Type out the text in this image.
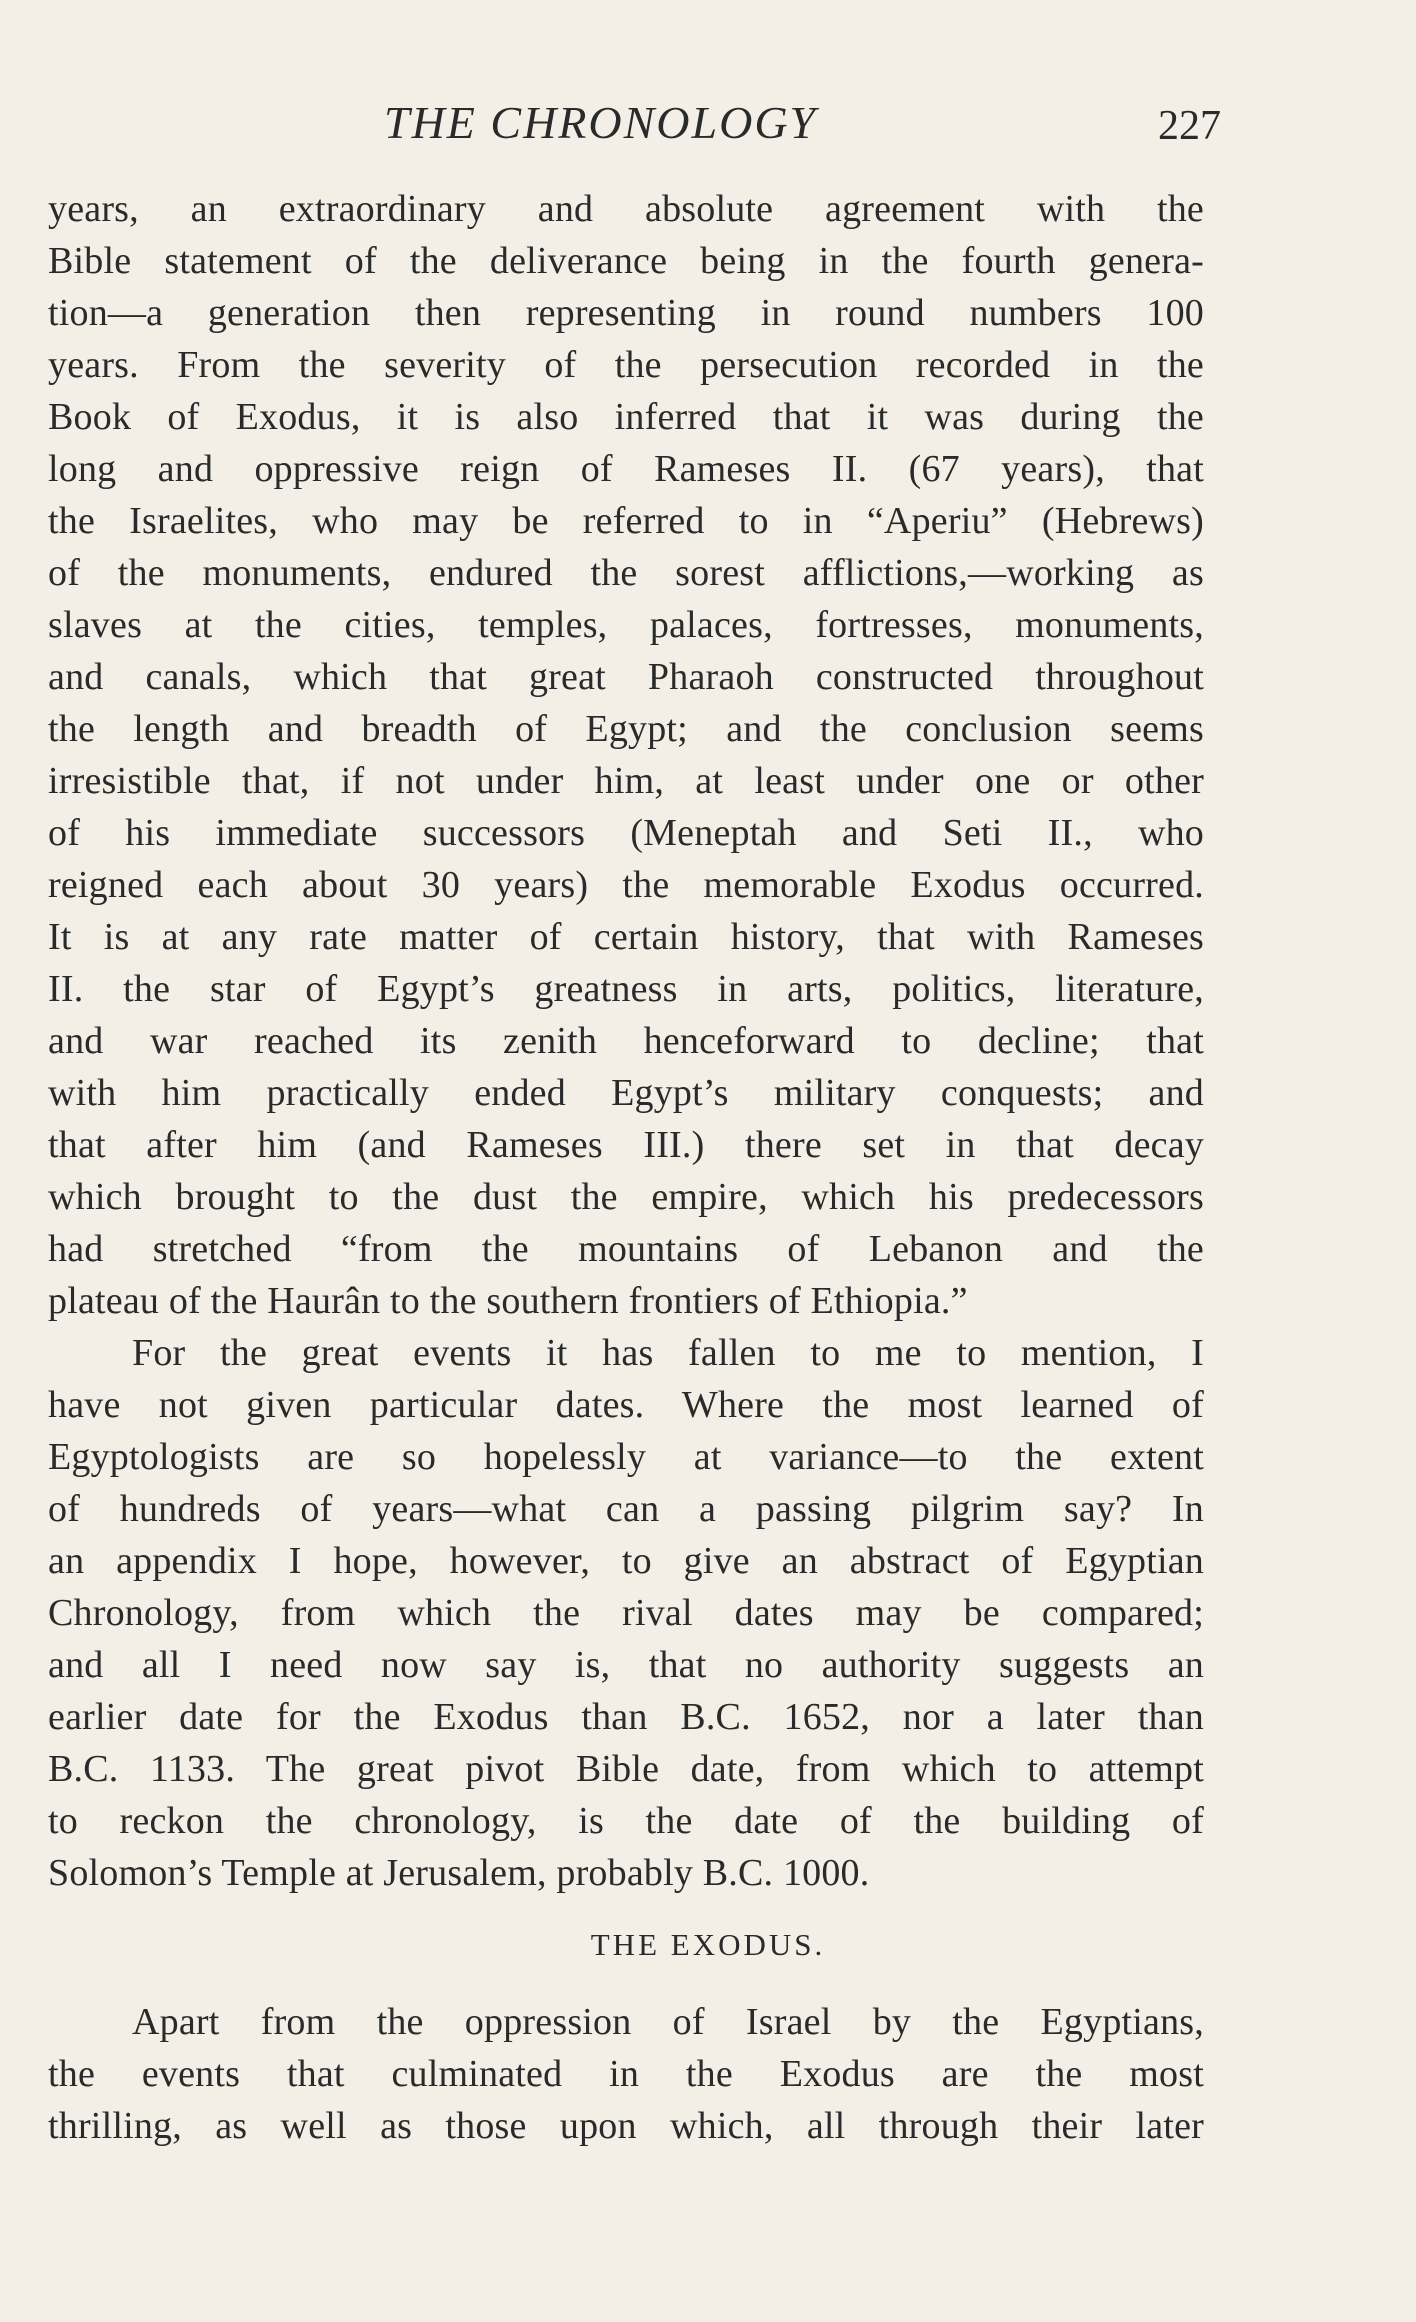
THE CHRONOLOGY	227
years, an extraordinary and absolute agreement with the
Bible statement of the deliverance being in the fourth genera-
tion—a generation then representing in round numbers 100
years. From the severity of the persecution recorded in the
Book of Exodus, it is also inferred that it was during the
long and oppressive reign of Rameses II. (67 years), that
the Israelites, who may be referred to in “Aperiu” (Hebrews)
of the monuments, endured the sorest afflictions,—working as
slaves at the cities, temples, palaces, fortresses, monuments,
and canals, which that great Pharaoh constructed throughout
the length and breadth of Egypt; and the conclusion seems
irresistible that, if not under him, at least under one or other
of his immediate successors (Meneptah and Seti II., who
reigned each about 30 years) the memorable Exodus occurred.
It is at any rate matter of certain history, that with Rameses
II. the star of Egypt’s greatness in arts, politics, literature,
and war reached its zenith henceforward to decline; that
with him practically ended Egypt’s military conquests; and
that after him (and Rameses III.) there set in that decay
which brought to the dust the empire, which his predecessors
had stretched “from the mountains of Lebanon and the
plateau of the Haurân to the southern frontiers of Ethiopia.”
For the great events it has fallen to me to mention, I
have not given particular dates. Where the most learned of
Egyptologists are so hopelessly at variance—to the extent
of hundreds of years—what can a passing pilgrim say? In
an appendix I hope, however, to give an abstract of Egyptian
Chronology, from which the rival dates may be compared;
and all I need now say is, that no authority suggests an
earlier date for the Exodus than B.C. 1652, nor a later than
B.C. 1133. The great pivot Bible date, from which to attempt
to reckon the chronology, is the date of the building of
Solomon’s Temple at Jerusalem, probably B.C. 1000.
THE EXODUS.
Apart from the oppression of Israel by the Egyptians,
the events that culminated in the Exodus are the most
thrilling, as well as those upon which, all through their later
